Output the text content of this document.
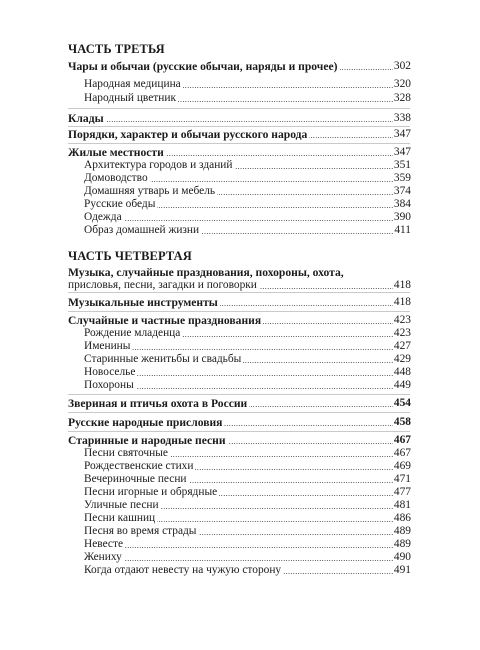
ЧАСТЬ ТРЕТЬЯ
Чары и обычаи (русские обычаи, наряды и прочее) .....	302
Народная медицина .....	320
Народный цветник .....	328
Клады .....	338
Порядки, характер и обычаи русского народа .....	347
Жилые местности .....	347
Архитектура городов и зданий .....	351
Домоводство .....	359
Домашняя утварь и мебель .....	374
Русские обеды .....	384
Одежда .....	390
Образ домашней жизни .....	411
ЧАСТЬ ЧЕТВЕРТАЯ
Музыка, случайные празднования, похороны, охота,
присловья, песни, загадки и поговорки .....	418
Музыкальные инструменты .....	418
Случайные и частные празднования .....	423
Рождение младенца .....	423
Именины .....	427
Старинные женитьбы и свадьбы .....	429
Новоселье .....	448
Похороны .....	449
Звериная и птичья охота в России .....	454
Русские народные присловия .....	458
Старинные и народные песни .....	467
Песни святочные .....	467
Рождественские стихи .....	469
Вечериночные песни .....	471
Песни игорные и обрядные .....	477
Уличные песни .....	481
Песни кашниц .....	486
Песня во время страды .....	489
Невесте .....	489
Жениху .....	490
Когда отдают невесту на чужую сторону .....	491
